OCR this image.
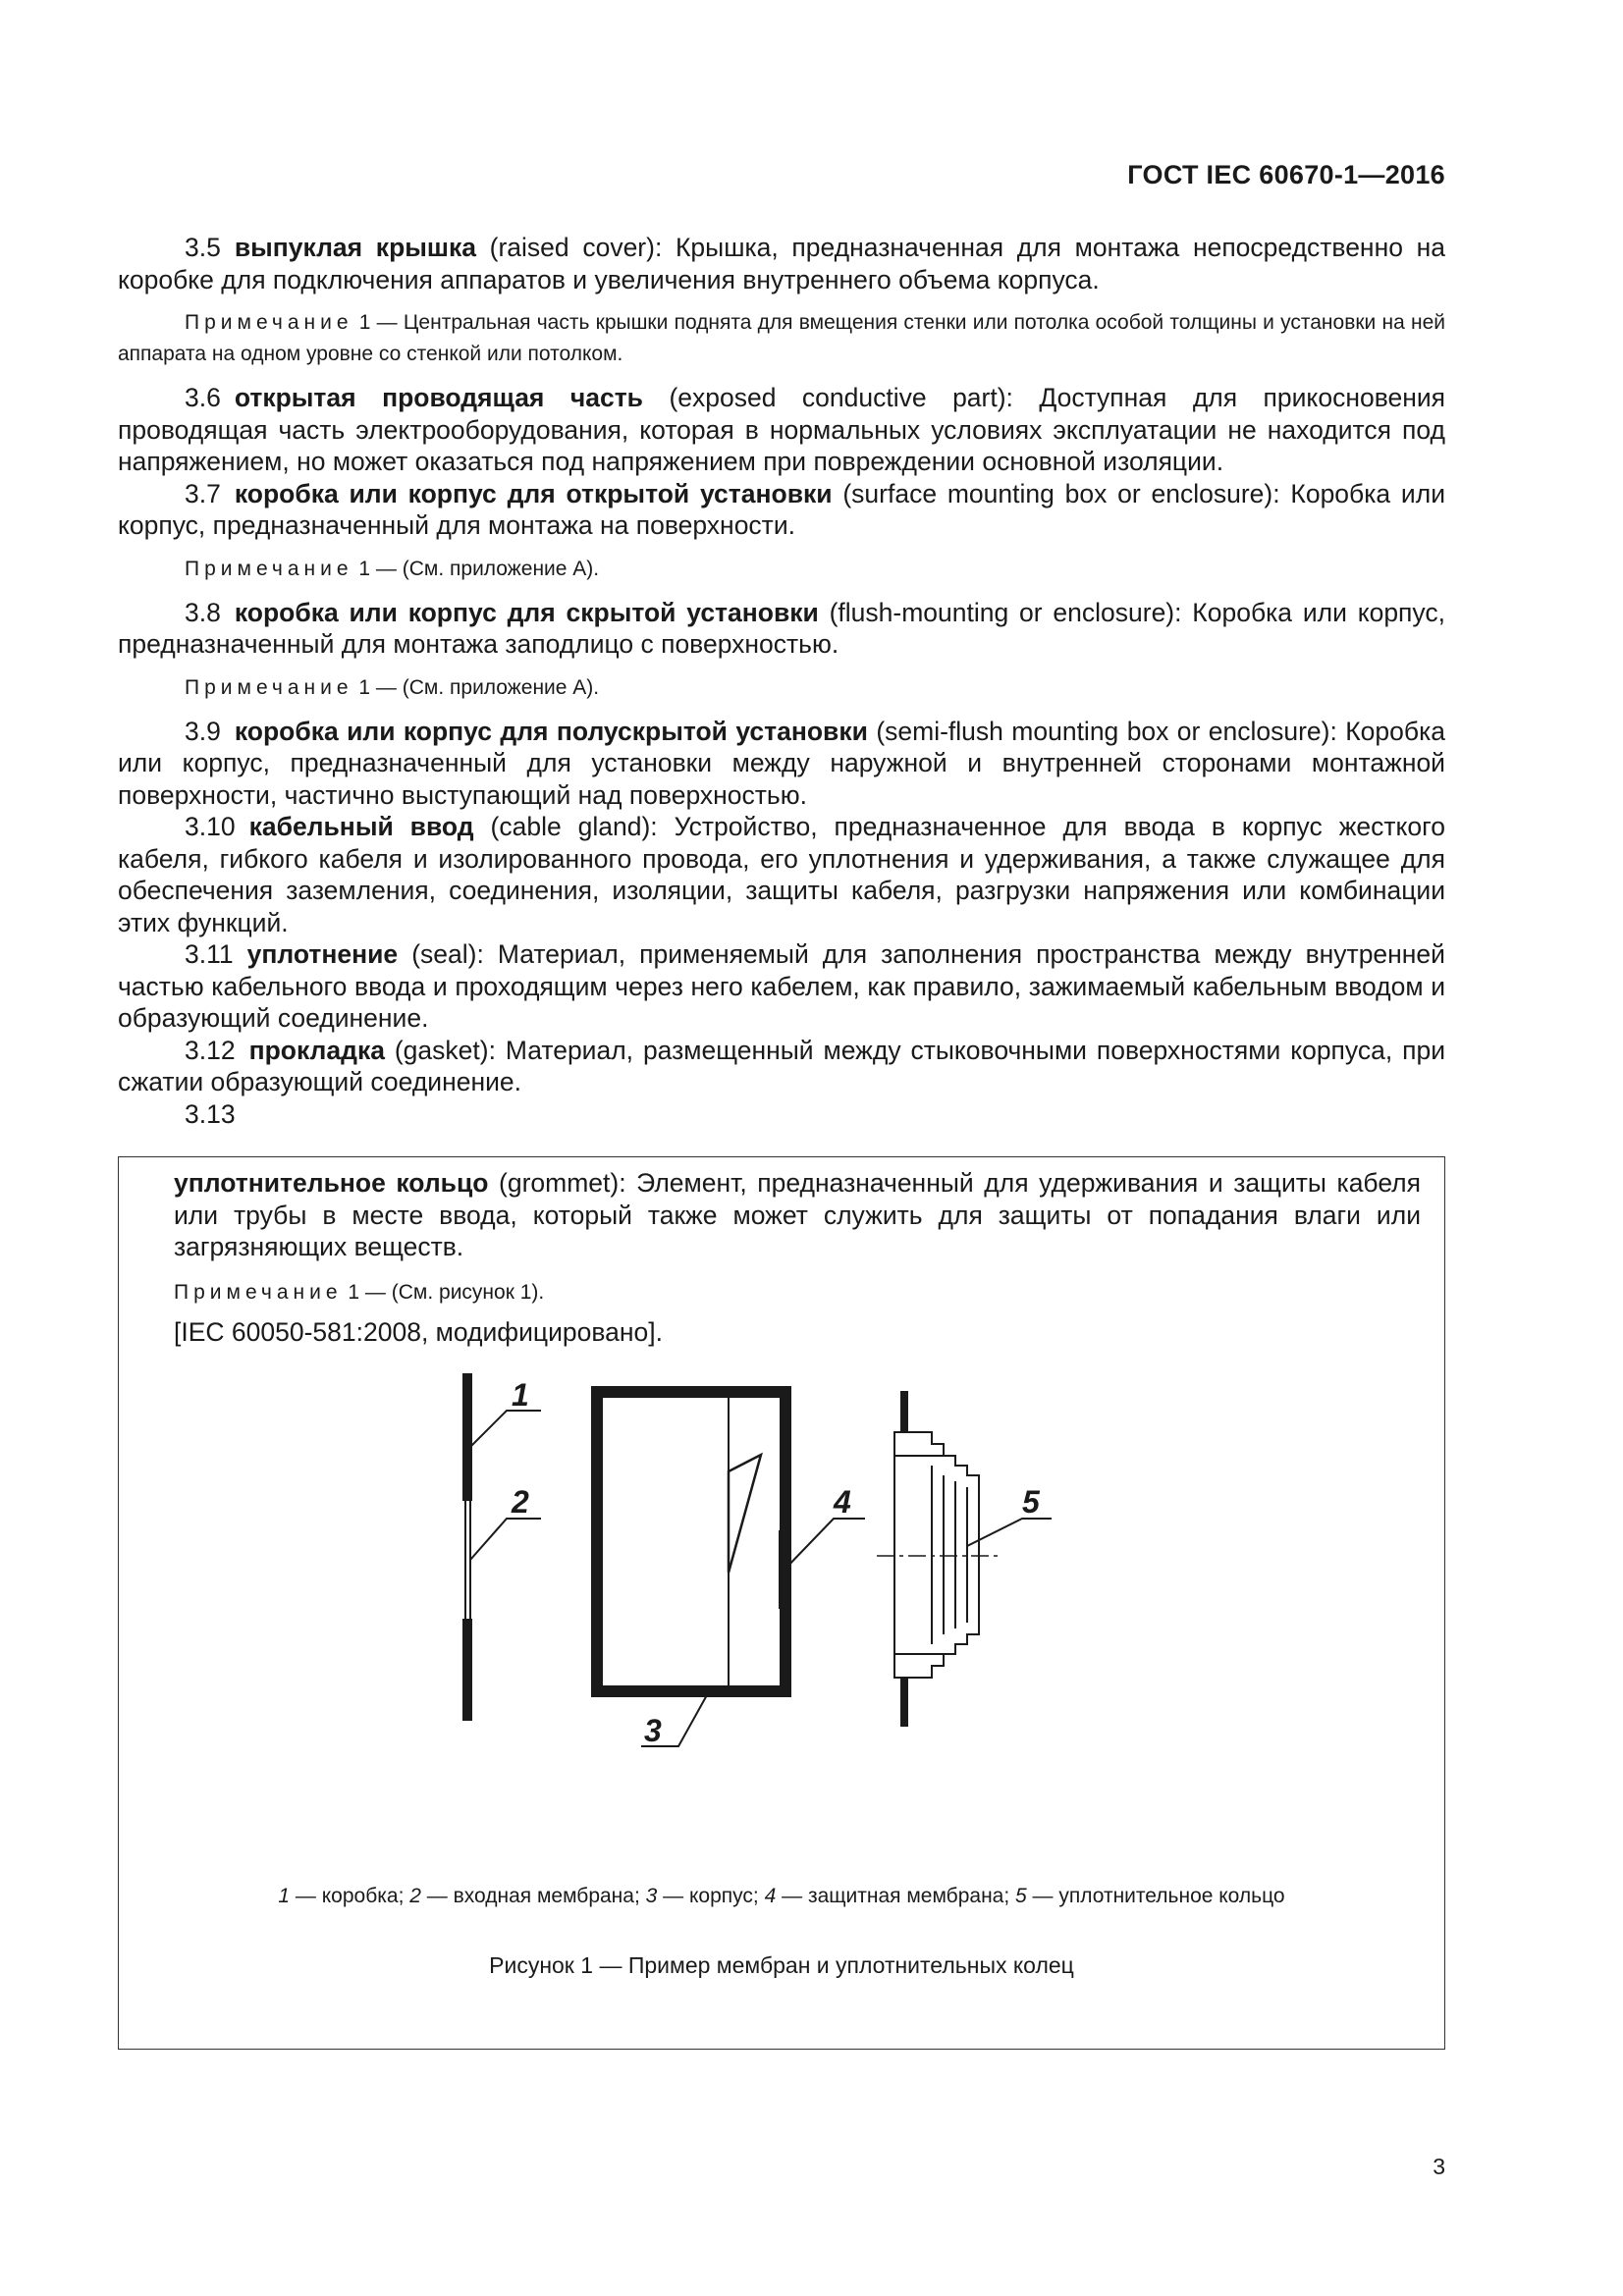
ГОСТ IEC 60670-1—2016

3.5 выпуклая крышка (raised cover): Крышка, предназначенная для монтажа непосредственно на коробке для подключения аппаратов и увеличения внутреннего объема корпуса.

Примечание 1 — Центральная часть крышки поднята для вмещения стенки или потолка особой толщины и установки на ней аппарата на одном уровне со стенкой или потолком.

3.6 открытая проводящая часть (exposed conductive part): Доступная для прикосновения проводящая часть электрооборудования, которая в нормальных условиях эксплуатации не находится под напряжением, но может оказаться под напряжением при повреждении основной изоляции.

3.7 коробка или корпус для открытой установки (surface mounting box or enclosure): Коробка или корпус, предназначенный для монтажа на поверхности.

Примечание 1 — (См. приложение А).

3.8 коробка или корпус для скрытой установки (flush-mounting or enclosure): Коробка или корпус, предназначенный для монтажа заподлицо с поверхностью.

Примечание 1 — (См. приложение А).

3.9 коробка или корпус для полускрытой установки (semi-flush mounting box or enclosure): Коробка или корпус, предназначенный для установки между наружной и внутренней сторонами монтажной поверхности, частично выступающий над поверхностью.

3.10 кабельный ввод (cable gland): Устройство, предназначенное для ввода в корпус жесткого кабеля, гибкого кабеля и изолированного провода, его уплотнения и удерживания, а также служащее для обеспечения заземления, соединения, изоляции, защиты кабеля, разгрузки напряжения или комбинации этих функций.

3.11 уплотнение (seal): Материал, применяемый для заполнения пространства между внутренней частью кабельного ввода и проходящим через него кабелем, как правило, зажимаемый кабельным вводом и образующий соединение.

3.12 прокладка (gasket): Материал, размещенный между стыковочными поверхностями корпуса, при сжатии образующий соединение.

3.13

уплотнительное кольцо (grommet): Элемент, предназначенный для удерживания и защиты кабеля или трубы в месте ввода, который также может служить для защиты от попадания влаги или загрязняющих веществ.

Примечание 1 — (См. рисунок 1).

[IEC 60050-581:2008, модифицировано].

1
2	4
3
5
1 — коробка; 2 — входная мембрана; 3 — корпус; 4 — защитная мембрана; 5 — уплотнительное кольцо
Рисунок 1 — Пример мембран и уплотнительных колец
3
